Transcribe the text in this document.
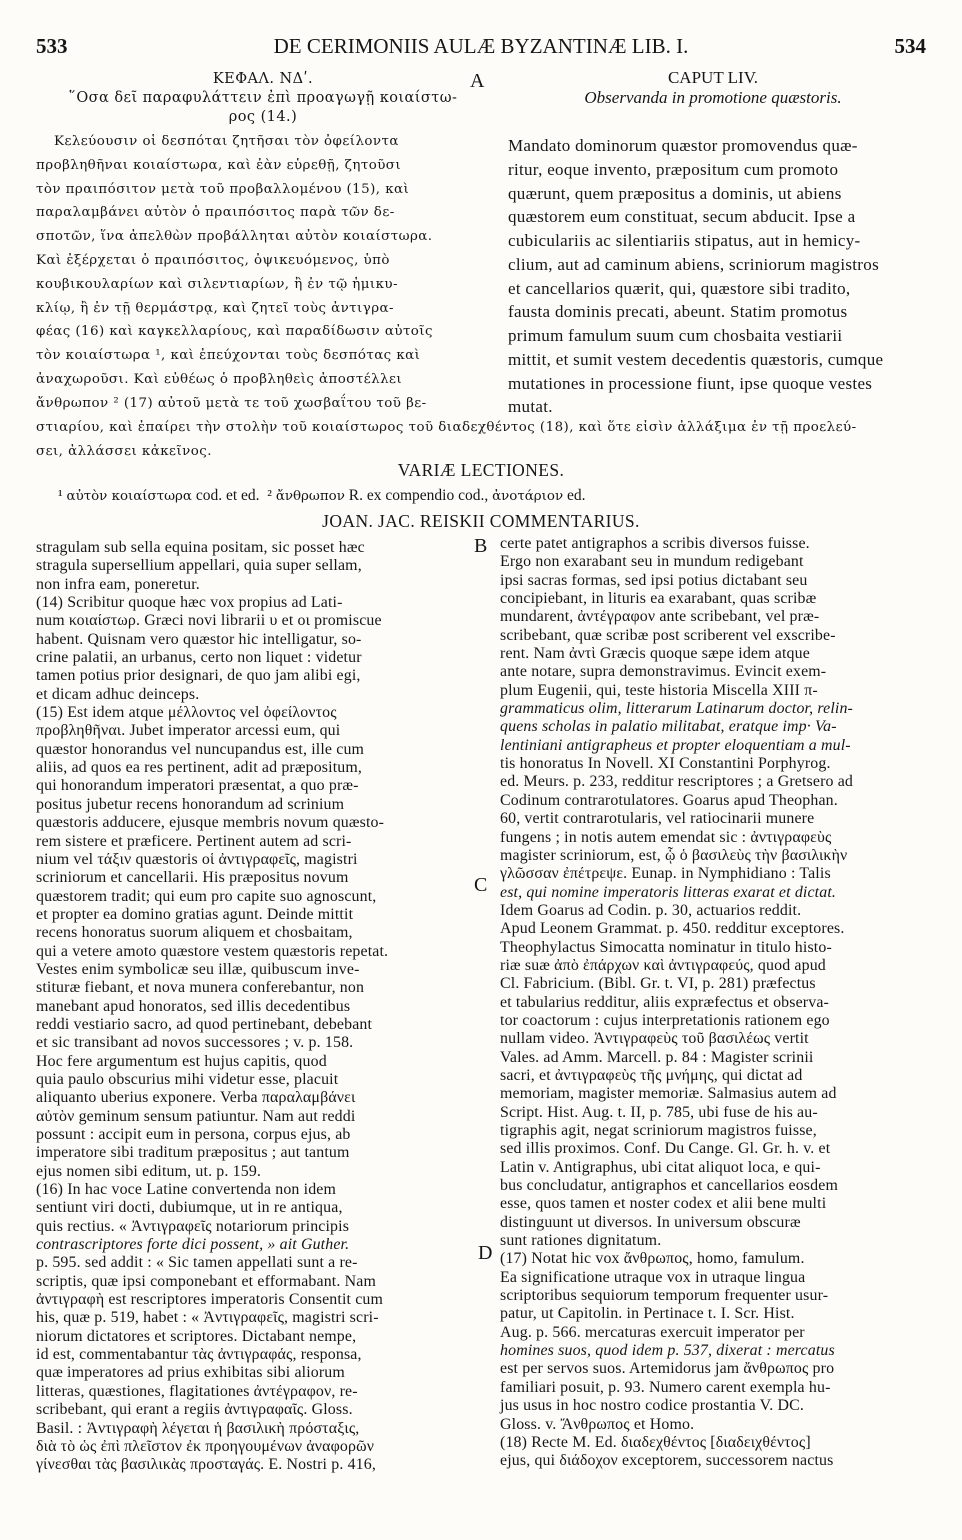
533	DE CERIMONIIS AULÆ BYZANTINÆ LIB. I.	534
A
B
C
D
ΚΕΦΑΛ. ΝΔʹ.
῞Οσα δεῖ παραφυλάττειν ἐπὶ προαγωγῇ κοιαίστω-
ρος (14.)
CAPUT LIV.
Observanda in promotione quæstoris.
Κελεύουσιν οἱ δεσπόται ζητῆσαι τὸν ὀφείλοντα
προβληθῆναι κοιαίστωρα, καὶ ἐὰν εὑρεθῇ, ζητοῦσι
τὸν πραιπόσιτον μετὰ τοῦ προβαλλομένου (15), καὶ
παραλαμβάνει αὐτὸν ὁ πραιπόσιτος παρὰ τῶν δε-
σποτῶν, ἵνα ἀπελθὼν προβάλληται αὐτὸν κοιαίστωρα.
Καὶ ἐξέρχεται ὁ πραιπόσιτος, ὀψικευόμενος, ὑπὸ
κουβικουλαρίων καὶ σιλεντιαρίων, ἢ ἐν τῷ ἡμικυ-
κλίῳ, ἢ ἐν τῇ θερμάστρᾳ, καὶ ζητεῖ τοὺς ἀντιγρα-
φέας (16) καὶ καγκελλαρίους, καὶ παραδίδωσιν αὐτοῖς
τὸν κοιαίστωρα ¹, καὶ ἐπεύχονται τοὺς δεσπότας καὶ
ἀναχωροῦσι. Καὶ εὐθέως ὁ προβληθεὶς ἀποστέλλει
ἄνθρωπον ² (17) αὐτοῦ μετὰ τε τοῦ χωσβαΐτου τοῦ βε-
Mandato dominorum quæstor promovendus quæ-
ritur, eoque invento, præpositum cum promoto
quærunt, quem præpositus a dominis, ut abiens
quæstorem eum constituat, secum abducit. Ipse a
cubiculariis ac silentiariis stipatus, aut in hemicy-
clium, aut ad caminum abiens, scriniorum magistros
et cancellarios quærit, qui, quæstore sibi tradito,
fausta dominis precati, abeunt. Statim promotus
primum famulum suum cum chosbaita vestiarii
mittit, et sumit vestem decedentis quæstoris, cumque
mutationes in processione fiunt, ipse quoque vestes
mutat.
στιαρίου, καὶ ἐπαίρει τὴν στολὴν τοῦ κοιαίστωρος τοῦ διαδεχθέντος (18), καὶ ὅτε εἰσὶν ἀλλάξιμα ἐν τῇ προελεύ-
σει, ἀλλάσσει κἀκεῖνος.
VARIÆ LECTIONES.
¹ αὐτὸν κοιαίστωρα cod. et ed. ² ἄνθρωπον R. ex compendio cod., ἀνοτάριον ed.
JOAN. JAC. REISKII COMMENTARIUS.
stragulam sub sella equina positam, sic posset hæc
stragula supersellium appellari, quia super sellam,
non infra eam, poneretur.
(14) Scribitur quoque hæc vox propius ad Lati-
num κοιαίστωρ. Græci novi librarii υ et οι promiscue
habent. Quisnam vero quæstor hic intelligatur, so-
crine palatii, an urbanus, certo non liquet : videtur
tamen potius prior designari, de quo jam alibi egi,
et dicam adhuc deinceps.
(15) Est idem atque μέλλοντος vel ὀφείλοντος
προβληθῆναι. Jubet imperator arcessi eum, qui
quæstor honorandus vel nuncupandus est, ille cum
aliis, ad quos ea res pertinent, adit ad præpositum,
qui honorandum imperatori præsentat, a quo præ-
positus jubetur recens honorandum ad scrinium
quæstoris adducere, ejusque membris novum quæsto-
rem sistere et præficere. Pertinent autem ad scri-
nium vel τάξιν quæstoris οἱ ἀντιγραφεῖς, magistri
scriniorum et cancellarii. His præpositus novum
quæstorem tradit; qui eum pro capite suo agnoscunt,
et propter ea domino gratias agunt. Deinde mittit
recens honoratus suorum aliquem et chosbaitam,
qui a vetere amoto quæstore vestem quæstoris repetat.
Vestes enim symbolicæ seu illæ, quibuscum inve-
stituræ fiebant, et nova munera conferebantur, non
manebant apud honoratos, sed illis decedentibus
reddi vestiario sacro, ad quod pertinebant, debebant
et sic transibant ad novos successores ; v. p. 158.
Hoc fere argumentum est hujus capitis, quod
quia paulo obscurius mihi videtur esse, placuit
aliquanto uberius exponere. Verba παραλαμβάνει
αὐτὸν geminum sensum patiuntur. Nam aut reddi
possunt : accipit eum in persona, corpus ejus, ab
imperatore sibi traditum præpositus ; aut tantum
ejus nomen sibi editum, ut. p. 159.
(16) In hac voce Latine convertenda non idem
sentiunt viri docti, dubiumque, ut in re antiqua,
quis rectius. « Ἀντιγραφεῖς notariorum principis
contrascriptores forte dici possent, » ait Guther.
p. 595. sed addit : « Sic tamen appellati sunt a re-
scriptis, quæ ipsi componebant et efformabant. Nam
ἀντιγραφὴ est rescriptores imperatoris Consentit cum
his, quæ p. 519, habet : « Ἀντιγραφεῖς, magistri scri-
niorum dictatores et scriptores. Dictabant nempe,
id est, commentabantur τὰς ἀντιγραφάς, responsa,
quæ imperatores ad prius exhibitas sibi aliorum
litteras, quæstiones, flagitationes ἀντέγραφον, re-
scribebant, qui erant a regiis ἀντιγραφαῖς. Gloss.
Basil. : Ἀντιγραφὴ λέγεται ἡ βασιλικὴ πρόσταξις,
διὰ τὸ ὡς ἐπὶ πλεῖστον ἐκ προηγουμένων ἀναφορῶν
γίνεσθαι τὰς βασιλικὰς προσταγάς. E. Nostri p. 416,
certe patet antigraphos a scribis diversos fuisse.
Ergo non exarabant seu in mundum redigebant
ipsi sacras formas, sed ipsi potius dictabant seu
concipiebant, in lituris ea exarabant, quas scribæ
mundarent, ἀντέγραφον ante scribebant, vel præ-
scribebant, quæ scribæ post scriberent vel exscribe-
rent. Nam ἀντὶ Græcis quoque sæpe idem atque
ante notare, supra demonstravimus. Evincit exem-
plum Eugenii, qui, teste historia Miscella XIII π-
grammaticus olim, litterarum Latinarum doctor, relin-
quens scholas in palatio militabat, eratque imp· Va-
lentiniani antigrapheus et propter eloquentiam a mul-
tis honoratus In Novell. XI Constantini Porphyrog.
ed. Meurs. p. 233, redditur rescriptores ; a Gretsero ad
Codinum contrarotulatores. Goarus apud Theophan.
60, vertit contrarotularis, vel ratiocinarii munere
fungens ; in notis autem emendat sic : ἀντιγραφεὺς
magister scriniorum, est, ᾧ ὁ βασιλεὺς τὴν βασιλικὴν
γλῶσσαν ἐπέτρεψε. Eunap. in Nymphidiano : Talis
est, qui nomine imperatoris litteras exarat et dictat.
Idem Goarus ad Codin. p. 30, actuarios reddit.
Apud Leonem Grammat. p. 450. redditur exceptores.
Theophylactus Simocatta nominatur in titulo histo-
riæ suæ ἀπὸ ἐπάρχων καὶ ἀντιγραφεύς, quod apud
Cl. Fabricium. (Bibl. Gr. t. VI, p. 281) præfectus
et tabularius redditur, aliis expræfectus et observa-
tor coactorum : cujus interpretationis rationem ego
nullam video. Ἀντιγραφεὺς τοῦ βασιλέως vertit
Vales. ad Amm. Marcell. p. 84 : Magister scrinii
sacri, et ἀντιγραφεὺς τῆς μνήμης, qui dictat ad
memoriam, magister memoriæ. Salmasius autem ad
Script. Hist. Aug. t. II, p. 785, ubi fuse de his au-
tigraphis agit, negat scriniorum magistros fuisse,
sed illis proximos. Conf. Du Cange. Gl. Gr. h. v. et
Latin v. Antigraphus, ubi citat aliquot loca, e qui-
bus concludatur, antigraphos et cancellarios eosdem
esse, quos tamen et noster codex et alii bene multi
distinguunt ut diversos. In universum obscuræ
sunt rationes dignitatum.
(17) Notat hic vox ἄνθρωπος, homo, famulum.
Ea significatione utraque vox in utraque lingua
scriptoribus sequiorum temporum frequenter usur-
patur, ut Capitolin. in Pertinace t. I. Scr. Hist.
Aug. p. 566. mercaturas exercuit imperator per
homines suos, quod idem p. 537, dixerat : mercatus
est per servos suos. Artemidorus jam ἄνθρωπος pro
familiari posuit, p. 93. Numero carent exempla hu-
jus usus in hoc nostro codice prostantia V. DC.
Gloss. v. Ἄνθρωπος et Homo.
(18) Recte M. Ed. διαδεχθέντος [διαδειχθέντος]
ejus, qui διάδοχον exceptorem, successorem nactus
